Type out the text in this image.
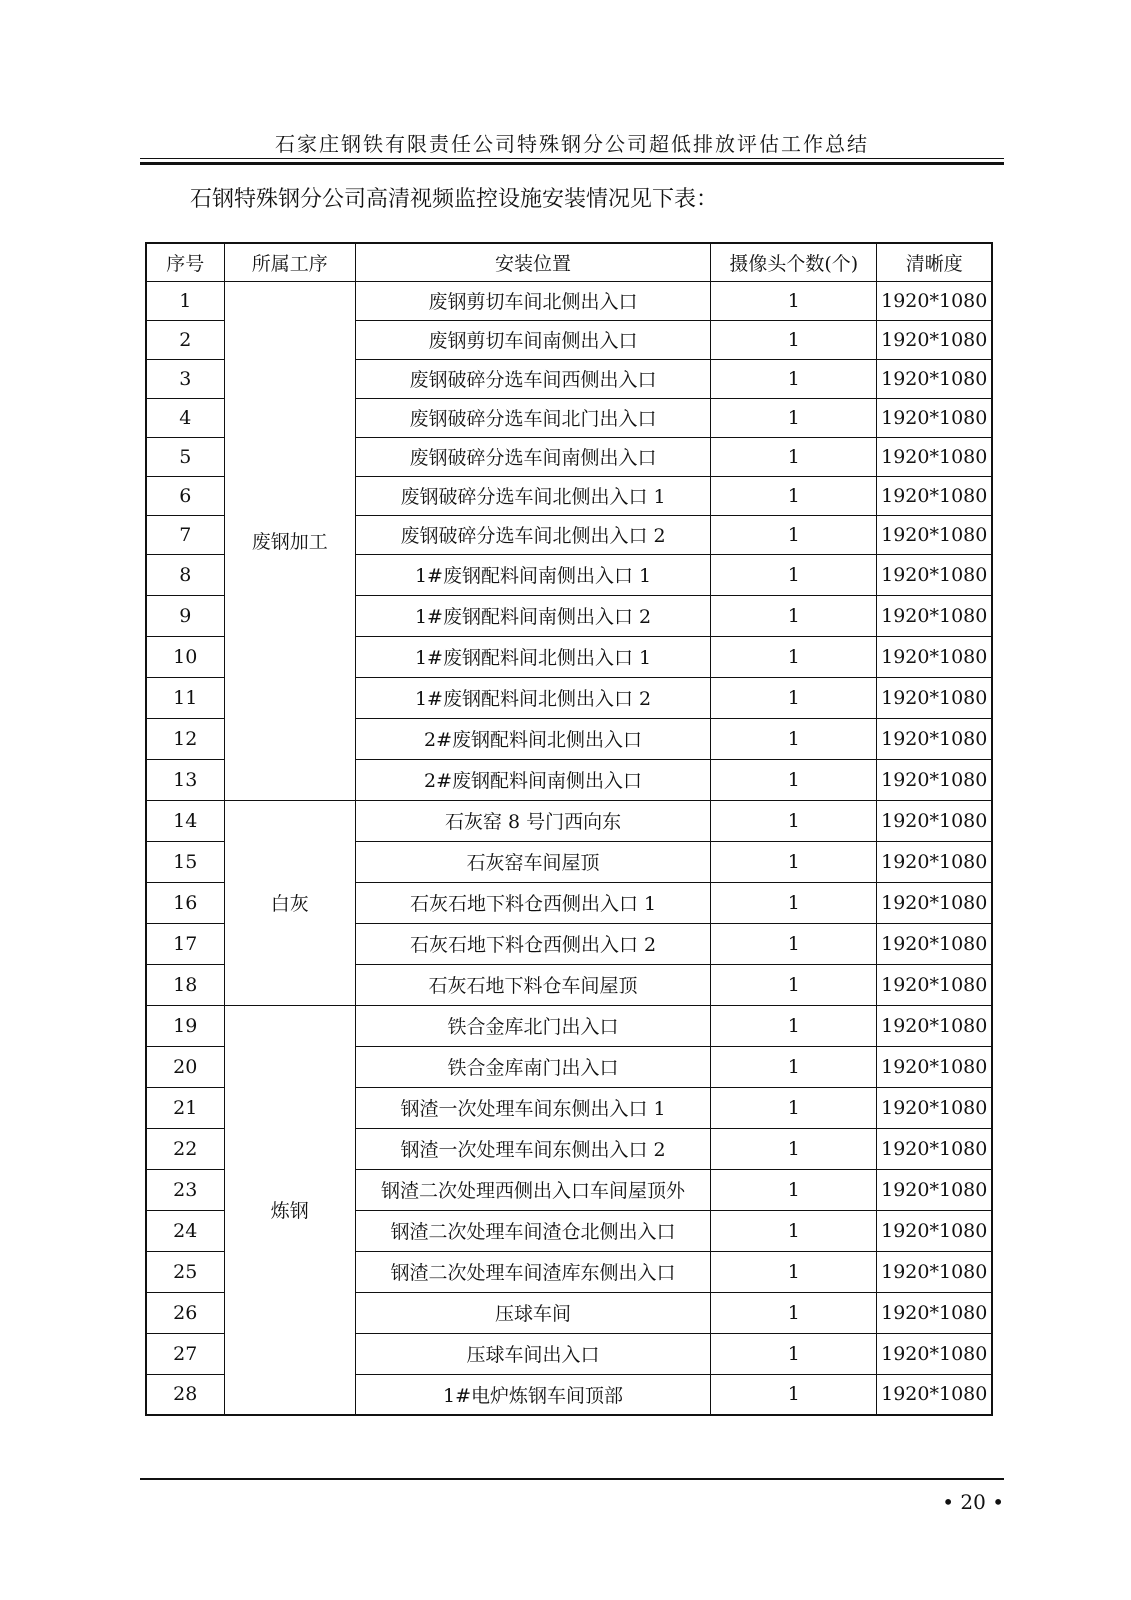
石家庄钢铁有限责任公司特殊钢分公司超低排放评估工作总结
石钢特殊钢分公司高清视频监控设施安装情况见下表：
序号	所属工序	安装位置	摄像头个数(个)	清晰度
1	废钢加工	废钢剪切车间北侧出入口	1	1920*1080
2		废钢剪切车间南侧出入口	1	1920*1080
3		废钢破碎分选车间西侧出入口	1	1920*1080
4		废钢破碎分选车间北门出入口	1	1920*1080
5		废钢破碎分选车间南侧出入口	1	1920*1080
6		废钢破碎分选车间北侧出入口 1	1	1920*1080
7		废钢破碎分选车间北侧出入口 2	1	1920*1080
8		1#废钢配料间南侧出入口 1	1	1920*1080
9		1#废钢配料间南侧出入口 2	1	1920*1080
10		1#废钢配料间北侧出入口 1	1	1920*1080
11		1#废钢配料间北侧出入口 2	1	1920*1080
12		2#废钢配料间北侧出入口	1	1920*1080
13		2#废钢配料间南侧出入口	1	1920*1080
14	白灰	石灰窑 8 号门西向东	1	1920*1080
15		石灰窑车间屋顶	1	1920*1080
16		石灰石地下料仓西侧出入口 1	1	1920*1080
17		石灰石地下料仓西侧出入口 2	1	1920*1080
18		石灰石地下料仓车间屋顶	1	1920*1080
19	炼钢	铁合金库北门出入口	1	1920*1080
20		铁合金库南门出入口	1	1920*1080
21		钢渣一次处理车间东侧出入口 1	1	1920*1080
22		钢渣一次处理车间东侧出入口 2	1	1920*1080
23		钢渣二次处理西侧出入口车间屋顶外	1	1920*1080
24		钢渣二次处理车间渣仓北侧出入口	1	1920*1080
25		钢渣二次处理车间渣库东侧出入口	1	1920*1080
26		压球车间	1	1920*1080
27		压球车间出入口	1	1920*1080
28		1#电炉炼钢车间顶部	1	1920*1080
• 20 •
